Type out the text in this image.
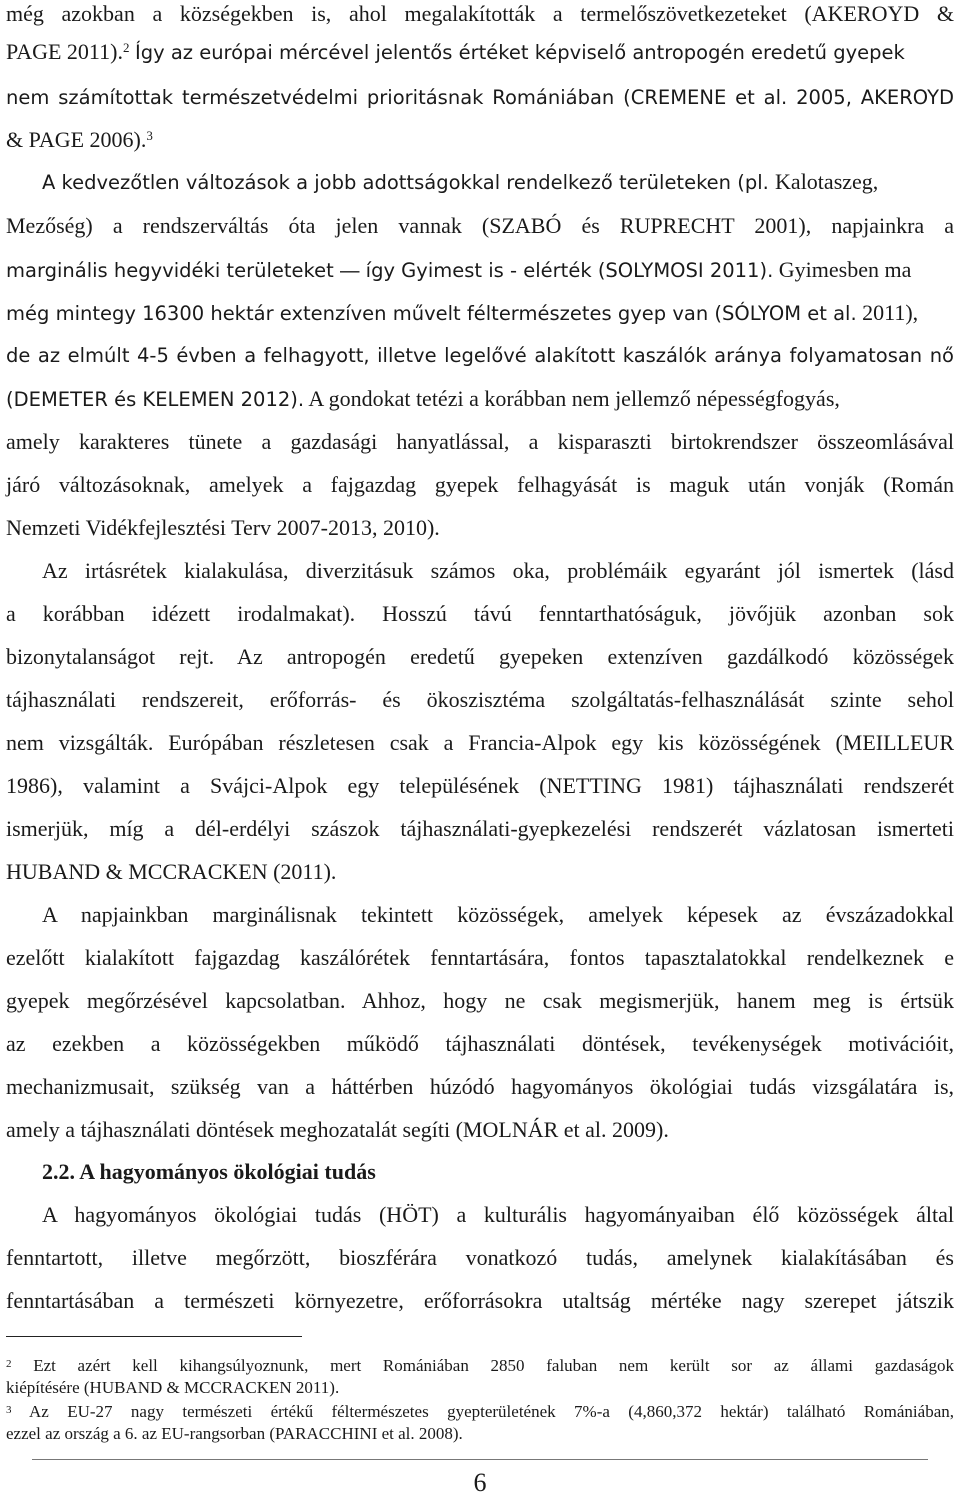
még azokban a községekben is, ahol megalakították a termelőszövetkezeteket (AKEROYD &
PAGE 2011).$^2$ Így az európai mércével jelentős értéket képviselő antropogén eredetű gyepek
nem számítottak természetvédelmi prioritásnak Romániában (CREMENE et al. 2005, AKEROYD
& PAGE 2006).$^3$
A kedvezőtlen változások a jobb adottságokkal rendelkező területeken (pl. Kalotaszeg,
Mezőség) a rendszerváltás óta jelen vannak (SZABÓ és RUPRECHT 2001), napjainkra a
marginális hegyvidéki területeket ― így Gyimest is - elérték (SOLYMOSI 2011). Gyimesben ma
még mintegy 16300 hektár extenzíven művelt féltermészetes gyep van (SÓLYOM et al. 2011),
de az elmúlt 4-5 évben a felhagyott, illetve legelővé alakított kaszálók aránya folyamatosan nő
(DEMETER és KELEMEN 2012). A gondokat tetézi a korábban nem jellemző népességfogyás,
amely karakteres tünete a gazdasági hanyatlással, a kisparaszti birtokrendszer összeomlásával
járó változásoknak, amelyek a fajgazdag gyepek felhagyását is maguk után vonják (Román
Nemzeti Vidékfejlesztési Terv 2007-2013, 2010).
Az irtásrétek kialakulása, diverzitásuk számos oka, problémáik egyaránt jól ismertek (lásd
a korábban idézett irodalmakat). Hosszú távú fenntarthatóságuk, jövőjük azonban sok
bizonytalanságot rejt. Az antropogén eredetű gyepeken extenzíven gazdálkodó közösségek
tájhasználati rendszereit, erőforrás- és ökoszisztéma szolgáltatás-felhasználását szinte sehol
nem vizsgálták. Európában részletesen csak a Francia-Alpok egy kis közösségének (MEILLEUR
1986), valamint a Svájci-Alpok egy településének (NETTING 1981) tájhasználati rendszerét
ismerjük, míg a dél-erdélyi szászok tájhasználati-gyepkezelési rendszerét vázlatosan ismerteti
HUBAND & MCCRACKEN (2011).
A napjainkban marginálisnak tekintett közösségek, amelyek képesek az évszázadokkal
ezelőtt kialakított fajgazdag kaszálórétek fenntartására, fontos tapasztalatokkal rendelkeznek e
gyepek megőrzésével kapcsolatban. Ahhoz, hogy ne csak megismerjük, hanem meg is értsük
az ezekben a közösségekben működő tájhasználati döntések, tevékenységek motivációit,
mechanizmusait, szükség van a háttérben húzódó hagyományos ökológiai tudás vizsgálatára is,
amely a tájhasználati döntések meghozatalát segíti (MOLNÁR et al. 2009).
2.2. A hagyományos ökológiai tudás
A hagyományos ökológiai tudás (HÖT) a kulturális hagyományaiban élő közösségek által
fenntartott, illetve megőrzött, bioszférára vonatkozó tudás, amelynek kialakításában és
fenntartásában a természeti környezetre, erőforrásokra utaltság mértéke nagy szerepet játszik
$^2$ Ezt azért kell kihangsúlyoznunk, mert Romániában 2850 faluban nem került sor az állami gazdaságok
kiépítésére (HUBAND & MCCRACKEN 2011).
$^3$ Az EU-27 nagy természeti értékű féltermészetes gyepterületének 7%-a (4,860,372 hektár) található Romániában,
ezzel az ország a 6. az EU-rangsorban (PARACCHINI et al. 2008).
6
